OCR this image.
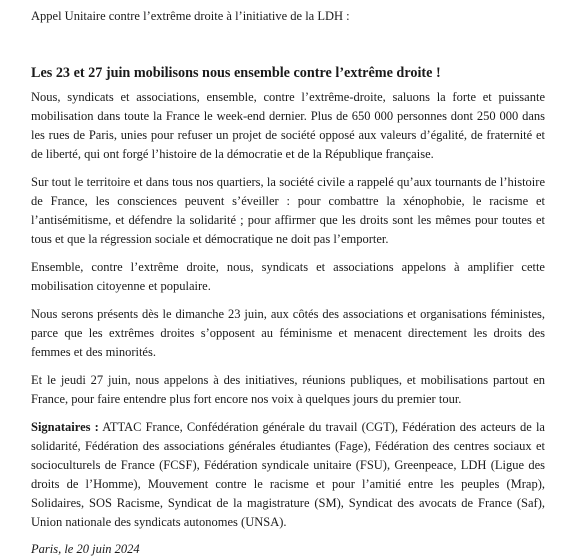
Appel Unitaire contre l’extrême droite à l’initiative de la LDH :

Les 23 et 27 juin mobilisons nous ensemble contre l’extrême droite !

Nous, syndicats et associations, ensemble, contre l’extrême-droite, saluons la forte et puissante mobilisation dans toute la France le week-end dernier. Plus de 650 000 personnes dont 250 000 dans les rues de Paris, unies pour refuser un projet de société opposé aux valeurs d’égalité, de fraternité et de liberté, qui ont forgé l’histoire de la démocratie et de la République française.

Sur tout le territoire et dans tous nos quartiers, la société civile a rappelé qu’aux tournants de l’histoire de France, les consciences peuvent s’éveiller : pour combattre la xénophobie, le racisme et l’antisémitisme, et défendre la solidarité ; pour affirmer que les droits sont les mêmes pour toutes et tous et que la régression sociale et démocratique ne doit pas l’emporter.

Ensemble, contre l’extrême droite, nous, syndicats et associations appelons à amplifier cette mobilisation citoyenne et populaire.

Nous serons présents dès le dimanche 23 juin, aux côtés des associations et organisations féministes, parce que les extrêmes droites s’opposent au féminisme et menacent directement les droits des femmes et des minorités.

Et le jeudi 27 juin, nous appelons à des initiatives, réunions publiques, et mobilisations partout en France, pour faire entendre plus fort encore nos voix à quelques jours du premier tour.

Signataires : ATTAC France, Confédération générale du travail (CGT), Fédération des acteurs de la solidarité, Fédération des associations générales étudiantes (Fage), Fédération des centres sociaux et socioculturels de France (FCSF), Fédération syndicale unitaire (FSU), Greenpeace, LDH (Ligue des droits de l’Homme), Mouvement contre le racisme et pour l’amitié entre les peuples (Mrap), Solidaires, SOS Racisme, Syndicat de la magistrature (SM), Syndicat des avocats de France (Saf), Union nationale des syndicats autonomes (UNSA).

Paris, le 20 juin 2024
